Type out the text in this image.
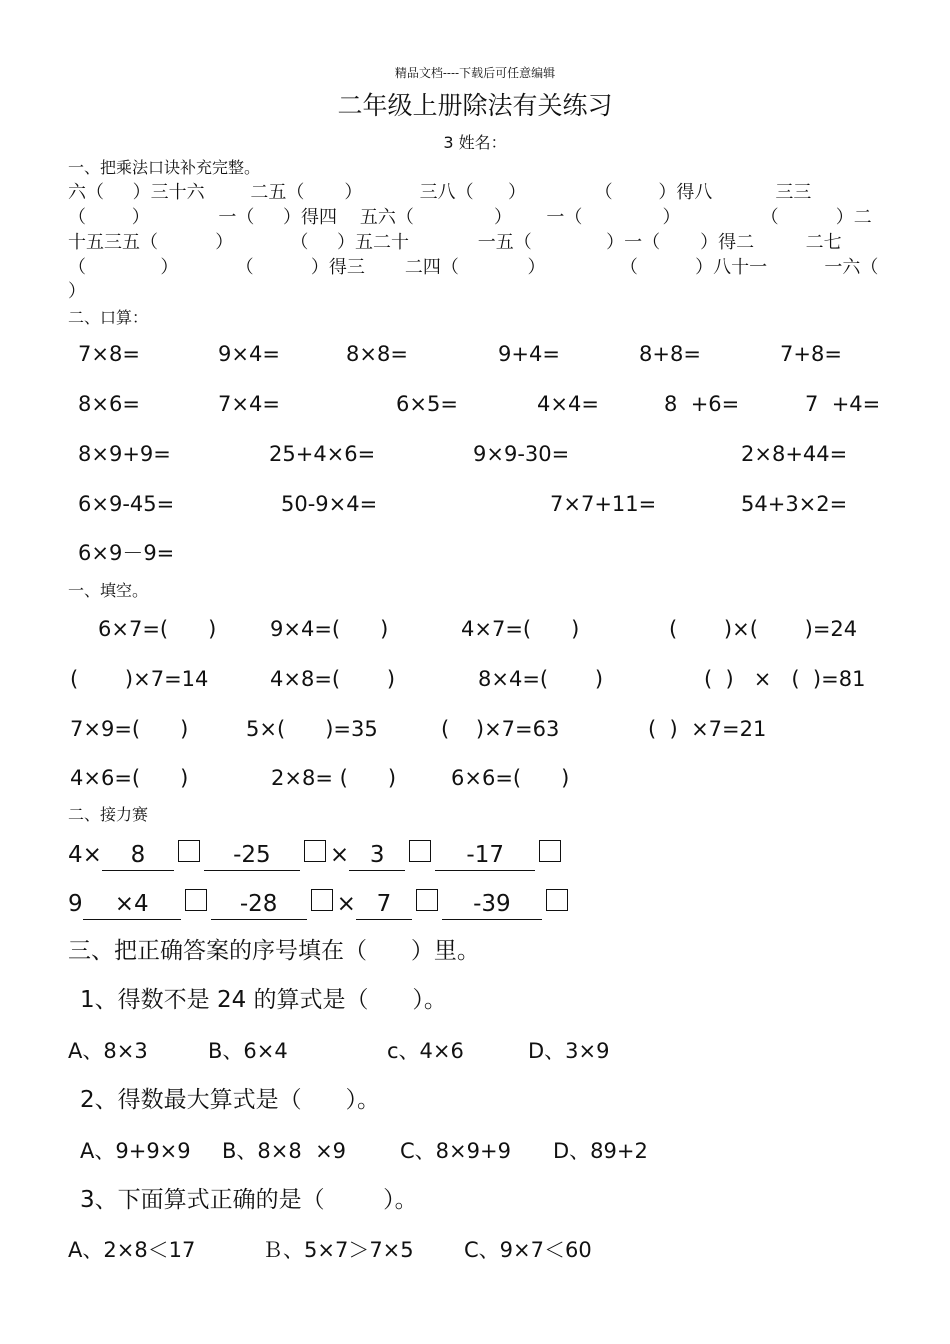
精品文档----下载后可任意编辑
二年级上册除法有关练习
3 姓名：
一、把乘法口诀补充完整。
六（     ）三十六        二五（       ）          三八（      ）            （        ）得八           三三
（        ）            一（     ）得四    五六（              ）      一（              ）              （          ）二
十五三五（          ）          （     ）五二十            一五（             ）一（       ）得二         二七
（             ）          （          ）得三       二四（            ）             （          ）八十一          一六（
）
二、口算：
7×8=	9×4=	8×8=	9+4=	8+8=	7+8=
8×6=	7×4=	6×5=	4×4=	8  +6=	7  +4=
8×9+9=	25+4×6=	9×9-30=	2×8+44=
6×9-45=	50-9×4=	7×7+11=	54+3×2=
6×9－9=
一、填空。
6×7=(      )	9×4=(      )	4×7=(      )	(       )×(       )=24
(       )×7=14	4×8=(       )	8×4=(       )	(  )   ×   (  )=81
7×9=(      )	5×(      )=35	(    )×7=63	(  )  ×7=21
4×6=(      )	2×8= (      )	6×6=(      )
二、接力赛
4× 8	-25	× 3	-17
9 ×4	-28	× 7	-39
三、把正确答案的序号填在（      ）里。
1、得数不是 24 的算式是（      ）。
A、8×3	B、6×4	c、4×6	D、3×9
2、得数最大算式是（      ）。
A、9+9×9 B、8×8  ×9	C、8×9+9 D、89+2
3、下面算式正确的是（        ）。
A、2×8＜17	Ｂ、5×7＞7×5 C、9×7＜60
